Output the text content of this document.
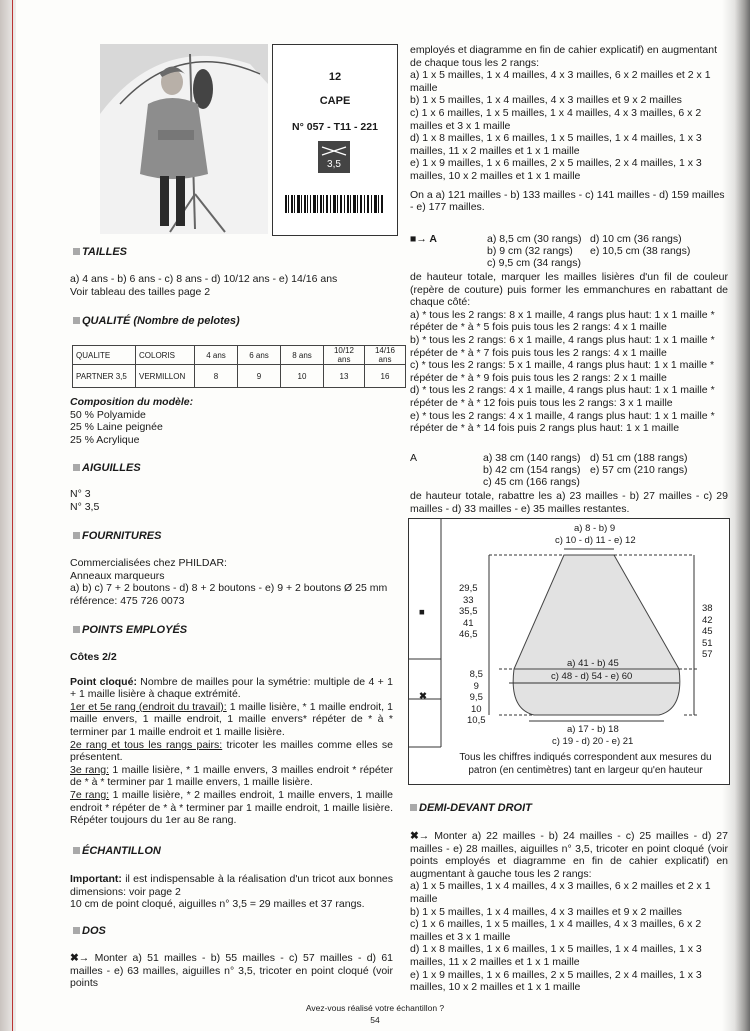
12
CAPE
N° 057 - T11 - 221
3,5
TAILLES

a) 4 ans - b) 6 ans - c) 8 ans - d) 10/12 ans - e) 14/16 ans

Voir tableau des tailles page 2

QUALITÉ (Nombre de pelotes)
QUALITE	COLORIS	4 ans	6 ans	8 ans	10/12 ans	14/16 ans
PARTNER 3,5	VERMILLON	8	9	10	13	16

Composition du modèle:

50 % Polyamide

25 % Laine peignée

25 % Acrylique

AIGUILLES

N° 3

N° 3,5

FOURNITURES

Commercialisées chez PHILDAR:

Anneaux marqueurs

a) b) c) 7 + 2 boutons - d) 8 + 2 boutons - e) 9 + 2 boutons Ø 25 mm

référence: 475 726 0073

POINTS EMPLOYÉS

Côtes 2/2

Point cloqué: Nombre de mailles pour la symétrie: multiple de 4 + 1 + 1 maille lisière à chaque extrémité.

1er et 5e rang (endroit du travail): 1 maille lisière, * 1 maille endroit, 1 maille envers, 1 maille endroit, 1 maille envers* répéter de * à * terminer par 1 maille endroit et 1 maille lisière.

2e rang et tous les rangs pairs: tricoter les mailles comme elles se présentent.

3e rang: 1 maille lisière, * 1 maille envers, 3 mailles endroit * répéter de * à * terminer par 1 maille envers, 1 maille lisière.

7e rang: 1 maille lisière, * 2 mailles endroit, 1 maille envers, 1 maille endroit * répéter de * à * terminer par 1 maille endroit, 1 maille lisière. Répéter toujours du 1er au 8e rang.

ÉCHANTILLON

Important: il est indispensable à la réalisation d'un tricot aux bonnes dimensions: voir page 2

10 cm de point cloqué, aiguilles n° 3,5 = 29 mailles et 37 rangs.

DOS

✖→ Monter a) 51 mailles - b) 55 mailles - c) 57 mailles - d) 61 mailles - e) 63 mailles, aiguilles n° 3,5, tricoter en point cloqué (voir points

employés et diagramme en fin de cahier explicatif) en augmentant de chaque tous les 2 rangs:

a) 1 x 5 mailles, 1 x 4 mailles, 4 x 3 mailles, 6 x 2 mailles et 2 x 1 maille

b) 1 x 5 mailles, 1 x 4 mailles, 4 x 3 mailles et 9 x 2 mailles

c) 1 x 6 mailles, 1 x 5 mailles, 1 x 4 mailles, 4 x 3 mailles, 6 x 2 mailles et 3 x 1 maille

d) 1 x 8 mailles, 1 x 6 mailles, 1 x 5 mailles, 1 x 4 mailles, 1 x 3 mailles, 11 x 2 mailles et 1 x 1 maille

e) 1 x 9 mailles, 1 x 6 mailles, 2 x 5 mailles, 2 x 4 mailles, 1 x 3 mailles, 10 x 2 mailles et 1 x 1 maille

On a a) 121 mailles - b) 133 mailles - c) 141 mailles - d) 159 mailles - e) 177 mailles.

■→ A	a) 8,5 cm (30 rangs) d) 10 cm (36 rangs)
b) 9 cm (32 rangs) e) 10,5 cm (38 rangs)
c) 9,5 cm (34 rangs)

de hauteur totale, marquer les mailles lisières d'un fil de couleur (repère de couture) puis former les emmanchures en rabattant de chaque côté:

a) * tous les 2 rangs: 8 x 1 maille, 4 rangs plus haut: 1 x 1 maille * répéter de * à * 5 fois puis tous les 2 rangs: 4 x 1 maille

b) * tous les 2 rangs: 6 x 1 maille, 4 rangs plus haut: 1 x 1 maille * répéter de * à * 7 fois puis tous les 2 rangs: 4 x 1 maille

c) * tous les 2 rangs: 5 x 1 maille, 4 rangs plus haut: 1 x 1 maille * répéter de * à * 9 fois puis tous les 2 rangs: 2 x 1 maille

d) * tous les 2 rangs: 4 x 1 maille, 4 rangs plus haut: 1 x 1 maille * répéter de * à * 12 fois puis tous les 2 rangs: 3 x 1 maille

e) * tous les 2 rangs: 4 x 1 maille, 4 rangs plus haut: 1 x 1 maille * répéter de * à * 14 fois puis 2 rangs plus haut: 1 x 1 maille

A	a) 38 cm (140 rangs) d) 51 cm (188 rangs)
b) 42 cm (154 rangs) e) 57 cm (210 rangs)
c) 45 cm (166 rangs)

de hauteur totale, rabattre les a) 23 mailles - b) 27 mailles - c) 29 mailles - d) 33 mailles - e) 35 mailles restantes.

■
✖
a) 8 - b) 9
c) 10 - d) 11 - e) 12
29,5
33
35,5
41
46,5
38
42
45
51
57
a) 41 - b) 45
c) 48 - d) 54 - e) 60
8,5
9
9,5
10
10,5
a) 17 - b) 18
c) 19 - d) 20 - e) 21
Tous les chiffres indiqués correspondent aux mesures du
patron (en centimètres) tant en largeur qu'en hauteur
DEMI-DEVANT DROIT

✖→ Monter a) 22 mailles - b) 24 mailles - c) 25 mailles - d) 27 mailles - e) 28 mailles, aiguilles n° 3,5, tricoter en point cloqué (voir points employés et diagramme en fin de cahier explicatif) en augmentant à gauche tous les 2 rangs:

a) 1 x 5 mailles, 1 x 4 mailles, 4 x 3 mailles, 6 x 2 mailles et 2 x 1 maille

b) 1 x 5 mailles, 1 x 4 mailles, 4 x 3 mailles et 9 x 2 mailles

c) 1 x 6 mailles, 1 x 5 mailles, 1 x 4 mailles, 4 x 3 mailles, 6 x 2 mailles et 3 x 1 maille

d) 1 x 8 mailles, 1 x 6 mailles, 1 x 5 mailles, 1 x 4 mailles, 1 x 3 mailles, 11 x 2 mailles et 1 x 1 maille

e) 1 x 9 mailles, 1 x 6 mailles, 2 x 5 mailles, 2 x 4 mailles, 1 x 3 mailles, 10 x 2 mailles et 1 x 1 maille

Avez-vous réalisé votre échantillon ?
54
